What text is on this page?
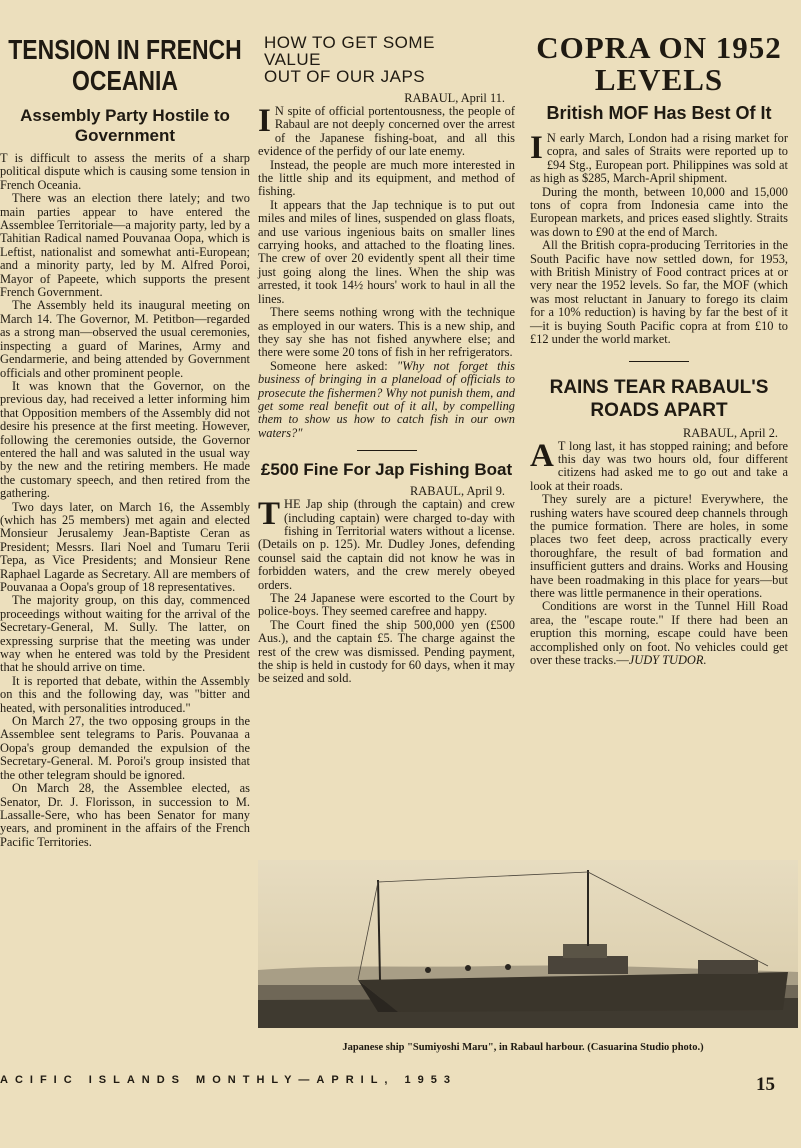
TENSION IN FRENCH OCEANIA
Assembly Party Hostile to Government

T is difficult to assess the merits of a sharp political dispute which is causing some tension in French Oceania.

There was an election there lately; and two main parties appear to have entered the Assemblee Territoriale—a majority party, led by a Tahitian Radical named Pouvanaa Oopa, which is Leftist, nationalist and somewhat anti-European; and a minority party, led by M. Alfred Poroi, Mayor of Papeete, which supports the present French Government.

The Assembly held its inaugural meeting on March 14. The Governor, M. Petitbon—regarded as a strong man—observed the usual ceremonies, inspecting a guard of Marines, Army and Gendarmerie, and being attended by Government officials and other prominent people.

It was known that the Governor, on the previous day, had received a letter informing him that Opposition members of the Assembly did not desire his presence at the first meeting. However, following the ceremonies outside, the Governor entered the hall and was saluted in the usual way by the new and the retiring members. He made the customary speech, and then retired from the gathering.

Two days later, on March 16, the Assembly (which has 25 members) met again and elected Monsieur Jerusalemy Jean-Baptiste Ceran as President; Messrs. Ilari Noel and Tumaru Terii Tepa, as Vice Presidents; and Monsieur Rene Raphael Lagarde as Secretary. All are members of Pouvanaa a Oopa's group of 18 representatives.

The majority group, on this day, commenced proceedings without waiting for the arrival of the Secretary-General, M. Sully. The latter, on expressing surprise that the meeting was under way when he entered was told by the President that he should arrive on time.

It is reported that debate, within the Assembly on this and the following day, was "bitter and heated, with personalities introduced."

On March 27, the two opposing groups in the Assemblee sent telegrams to Paris. Pouvanaa a Oopa's group demanded the expulsion of the Secretary-General. M. Poroi's group insisted that the other telegram should be ignored.

On March 28, the Assemblee elected, as Senator, Dr. J. Florisson, in succession to M. Lassalle-Sere, who has been Senator for many years, and prominent in the affairs of the French Pacific Territories.

HOW TO GET SOME
VALUE
OUT OF OUR JAPS
RABAUL, April 11.

I N spite of official portentousness, the people of Rabaul are not deeply concerned over the arrest of the Japanese fishing-boat, and all this evidence of the perfidy of our late enemy.

Instead, the people are much more interested in the little ship and its equipment, and method of fishing.

It appears that the Jap technique is to put out miles and miles of lines, suspended on glass floats, and use various ingenious baits on smaller lines carrying hooks, and attached to the floating lines. The crew of over 20 evidently spent all their time just going along the lines. When the ship was arrested, it took 14½ hours' work to haul in all the lines.

There seems nothing wrong with the technique as employed in our waters. This is a new ship, and they say she has not fished anywhere else; and there were some 20 tons of fish in her refrigerators.

Someone here asked: "Why not forget this business of bringing in a planeload of officials to prosecute the fishermen? Why not punish them, and get some real benefit out of it all, by compelling them to show us how to catch fish in our own waters?"

£500 Fine For Jap Fishing Boat
RABAUL, April 9.

THE Jap ship (through the captain) and crew (including captain) were charged to-day with fishing in Territorial waters without a license. (Details on p. 125). Mr. Dudley Jones, defending counsel said the captain did not know he was in forbidden waters, and the crew merely obeyed orders.

The 24 Japanese were escorted to the Court by police-boys. They seemed carefree and happy.

The Court fined the ship 500,000 yen (£500 Aus.), and the captain £5. The charge against the rest of the crew was dismissed. Pending payment, the ship is held in custody for 60 days, when it may be seized and sold.

COPRA ON 1952 LEVELS
British MOF Has Best Of It

I N early March, London had a rising market for copra, and sales of Straits were reported up to £94 Stg., European port. Philippines was sold at as high as $285, March-April shipment.

During the month, between 10,000 and 15,000 tons of copra from Indonesia came into the European markets, and prices eased slightly. Straits was down to £90 at the end of March.

All the British copra-producing Territories in the South Pacific have now settled down, for 1953, with British Ministry of Food contract prices at or very near the 1952 levels. So far, the MOF (which was most reluctant in January to forego its claim for a 10% reduction) is having by far the best of it—it is buying South Pacific copra at from £10 to £12 under the world market.

RAINS TEAR RABAUL'S ROADS APART
RABAUL, April 2.

A T long last, it has stopped raining; and before this day was two hours old, four different citizens had asked me to go out and take a look at their roads.

They surely are a picture! Everywhere, the rushing waters have scoured deep channels through the pumice formation. There are holes, in some places two feet deep, across practically every thoroughfare, the result of bad formation and insufficient gutters and drains. Works and Housing have been roadmaking in this place for years—but there was little permanence in their operations.

Conditions are worst in the Tunnel Hill Road area, the "escape route." If there had been an eruption this morning, escape could have been accomplished only on foot. No vehicles could get over these tracks.—JUDY TUDOR.

Japanese ship "Sumiyoshi Maru", in Rabaul harbour. (Casuarina Studio photo.)
ACIFIC ISLANDS MONTHLY—APRIL, 1953	15
